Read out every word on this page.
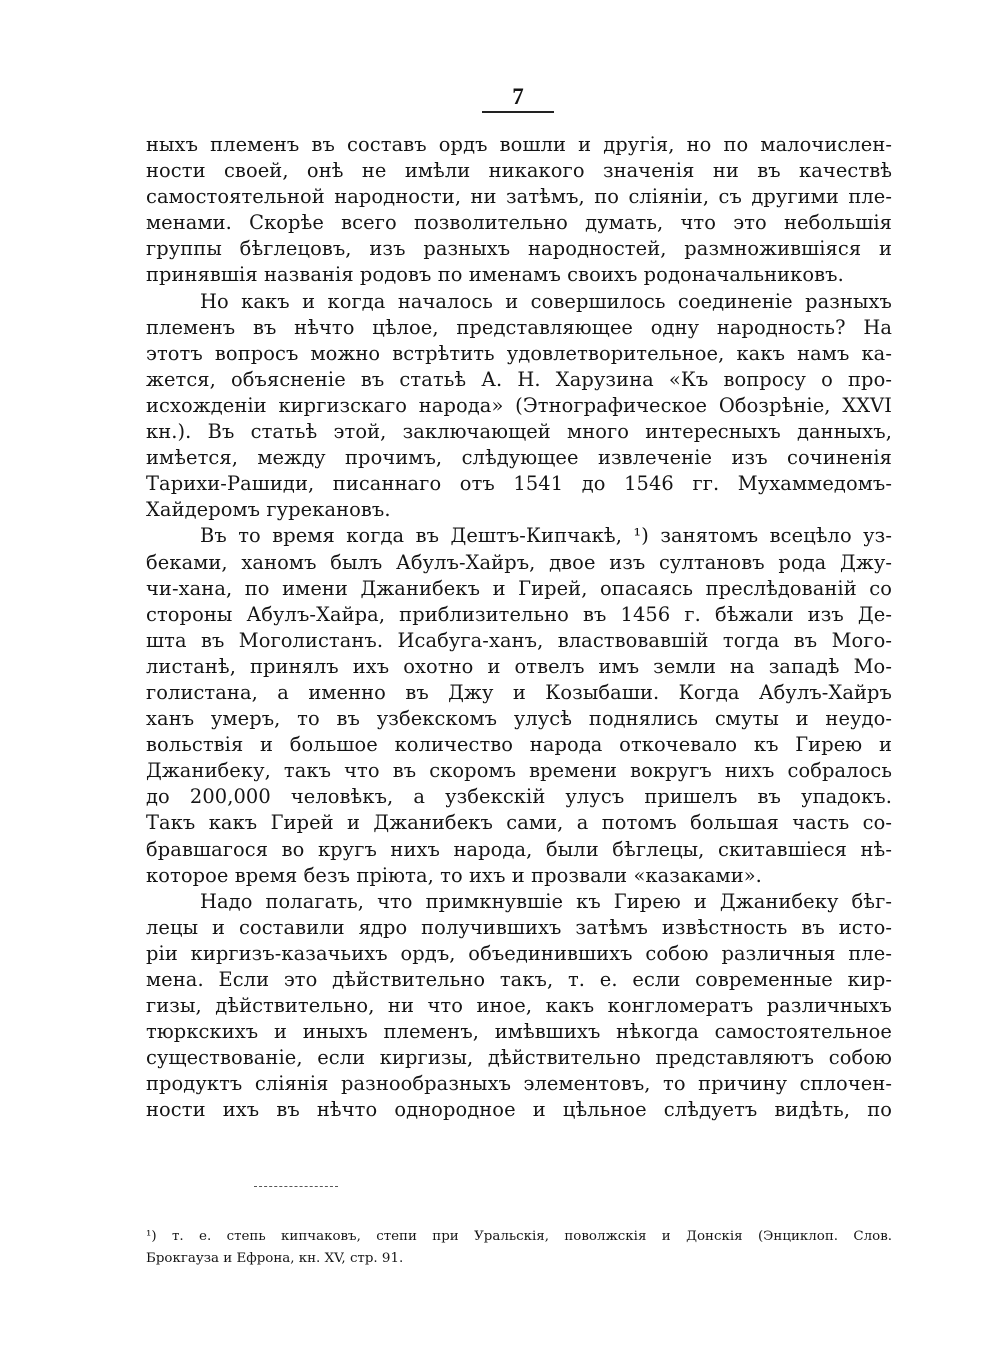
7
ныхъ племенъ въ составъ ордъ вошли и другія, но по малочислен-
ности своей, онѣ не имѣли никакого значенія ни въ качествѣ
самостоятельной народности, ни затѣмъ, по сліяніи, съ другими пле-
менами. Скорѣе всего позволительно думать, что это небольшія
группы бѣглецовъ, изъ разныхъ народностей, размножившіяся и
принявшія названія родовъ по именамъ своихъ родоначальниковъ.
Но какъ и когда началось и совершилось соединеніе разныхъ
племенъ въ нѣчто цѣлое, представляющее одну народность? На
этотъ вопросъ можно встрѣтить удовлетворительное, какъ намъ ка-
жется, объясненіе въ статьѣ А. Н. Харузина «Къ вопросу о про-
исхожденіи киргизскаго народа» (Этнографическое Обозрѣніе, XXVI
кн.). Въ статьѣ этой, заключающей много интересныхъ данныхъ,
имѣется, между прочимъ, слѣдующее извлеченіе изъ сочиненія
Тарихи-Рашиди, писаннаго отъ 1541 до 1546 гг. Мухаммедомъ-
Хайдеромъ гурекановъ.
Въ то время когда въ Дештъ-Кипчакѣ, ¹) занятомъ всецѣло уз-
беками, ханомъ былъ Абулъ-Хайръ, двое изъ султановъ рода Джу-
чи-хана, по имени Джанибекъ и Гирей, опасаясь преслѣдованій со
стороны Абулъ-Хайра, приблизительно въ 1456 г. бѣжали изъ Де-
шта въ Моголистанъ. Исабуга-ханъ, властвовавшій тогда въ Мого-
листанѣ, принялъ ихъ охотно и отвелъ имъ земли на западѣ Мо-
голистана, а именно въ Джу и Козыбаши. Когда Абулъ-Хайръ
ханъ умеръ, то въ узбекскомъ улусѣ поднялись смуты и неудо-
вольствія и большое количество народа откочевало къ Гирею и
Джанибеку, такъ что въ скоромъ времени вокругъ нихъ собралось
до 200,000 человѣкъ, а узбекскій улусъ пришелъ въ упадокъ.
Такъ какъ Гирей и Джанибекъ сами, а потомъ большая часть со-
бравшагося во кругъ нихъ народа, были бѣглецы, скитавшіеся нѣ-
которое время безъ пріюта, то ихъ и прозвали «казаками».
Надо полагать, что примкнувшіе къ Гирею и Джанибеку бѣг-
лецы и составили ядро получившихъ затѣмъ извѣстность въ исто-
ріи киргизъ-казачьихъ ордъ, объединившихъ собою различныя пле-
мена. Если это дѣйствительно такъ, т. е. если современные кир-
гизы, дѣйствительно, ни что иное, какъ конгломератъ различныхъ
тюркскихъ и иныхъ племенъ, имѣвшихъ нѣкогда самостоятельное
существованіе, если киргизы, дѣйствительно представляютъ собою
продуктъ сліянія разнообразныхъ элементовъ, то причину сплочен-
ности ихъ въ нѣчто однородное и цѣльное слѣдуетъ видѣть, по
¹) т. е. степь кипчаковъ, степи при Уральскія, поволжскія и Донскія (Энциклоп. Слов.
Брокгауза и Ефрона, кн. XV, стр. 91.
